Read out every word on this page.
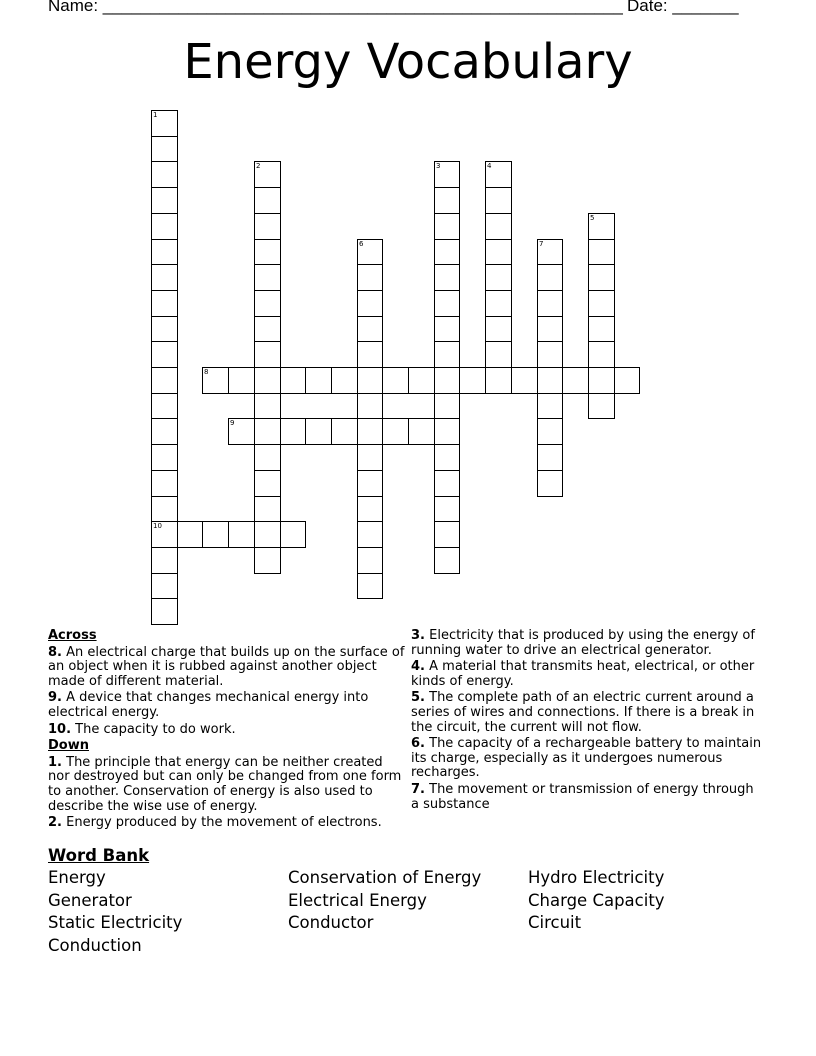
Name: _______________________________________________________ Date: _______
Energy Vocabulary
1
10
2	3	4
5
6	7
8
9

Across

8. An electrical charge that builds up on the surface of an object when it is rubbed against another object made of different material.

9. A device that changes mechanical energy into electrical energy.

10. The capacity to do work.

Down

1. The principle that energy can be neither created nor destroyed but can only be changed from one form to another. Conservation of energy is also used to describe the wise use of energy.

2. Energy produced by the movement of electrons.

3. Electricity that is produced by using the energy of running water to drive an electrical generator.

4. A material that transmits heat, electrical, or other kinds of energy.

5. The complete path of an electric current around a series of wires and connections. If there is a break in the circuit, the current will not flow.

6. The capacity of a rechargeable battery to maintain its charge, especially as it undergoes numerous recharges.

7. The movement or transmission of energy through a substance

Word Bank
Energy	Conservation of Energy	Hydro Electricity
Generator	Electrical Energy	Charge Capacity
Static Electricity	Conductor	Circuit
Conduction
